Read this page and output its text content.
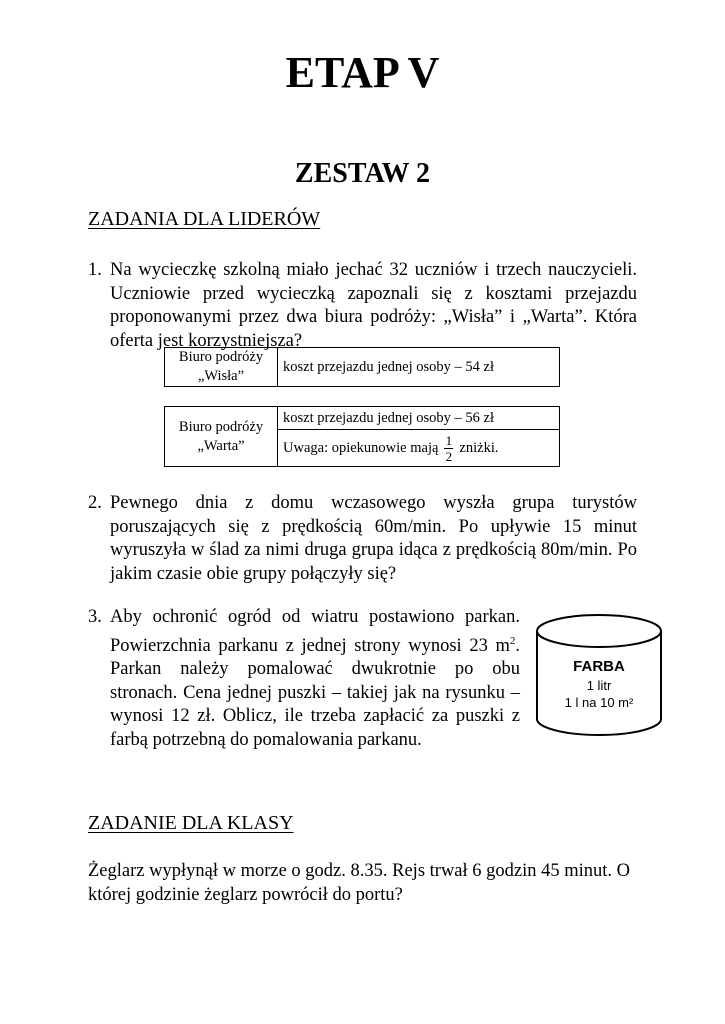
ETAP V
ZESTAW 2
ZADANIA DLA LIDERÓW
1. Na wycieczkę szkolną miało jechać 32 uczniów i trzech nauczycieli. Uczniowie przed wycieczką zapoznali się z kosztami przejazdu proponowanymi przez dwa biura podróży: „Wisła” i „Warta”. Która oferta jest korzystniejsza?
Biuro podróży
„Wisła”
koszt przejazdu jednej osoby – 54 zł
Biuro podróży
„Warta”
koszt przejazdu jednej osoby – 56 zł
Uwaga: opiekunowie mają $\frac{1}{2}$ zniżki.
2. Pewnego dnia z domu wczasowego wyszła grupa turystów poruszających się z prędkością 60m/min. Po upływie 15 minut wyruszyła w ślad za nimi druga grupa idąca z prędkością 80m/min. Po jakim czasie obie grupy połączyły się?
3. Aby ochronić ogród od wiatru postawiono parkan. Powierzchnia parkanu z jednej strony wynosi 23 $m^2$. Parkan należy pomalować dwukrotnie po obu stronach. Cena jednej puszki – takiej jak na rysunku – wynosi 12 zł. Oblicz, ile trzeba zapłacić za puszki z farbą potrzebną do pomalowania parkanu.
FARBA
1 litr
1 l na 10 m²
ZADANIE DLA KLASY
Żeglarz wypłynął w morze o godz. 8.35. Rejs trwał 6 godzin 45 minut. O której godzinie żeglarz powrócił do portu?
